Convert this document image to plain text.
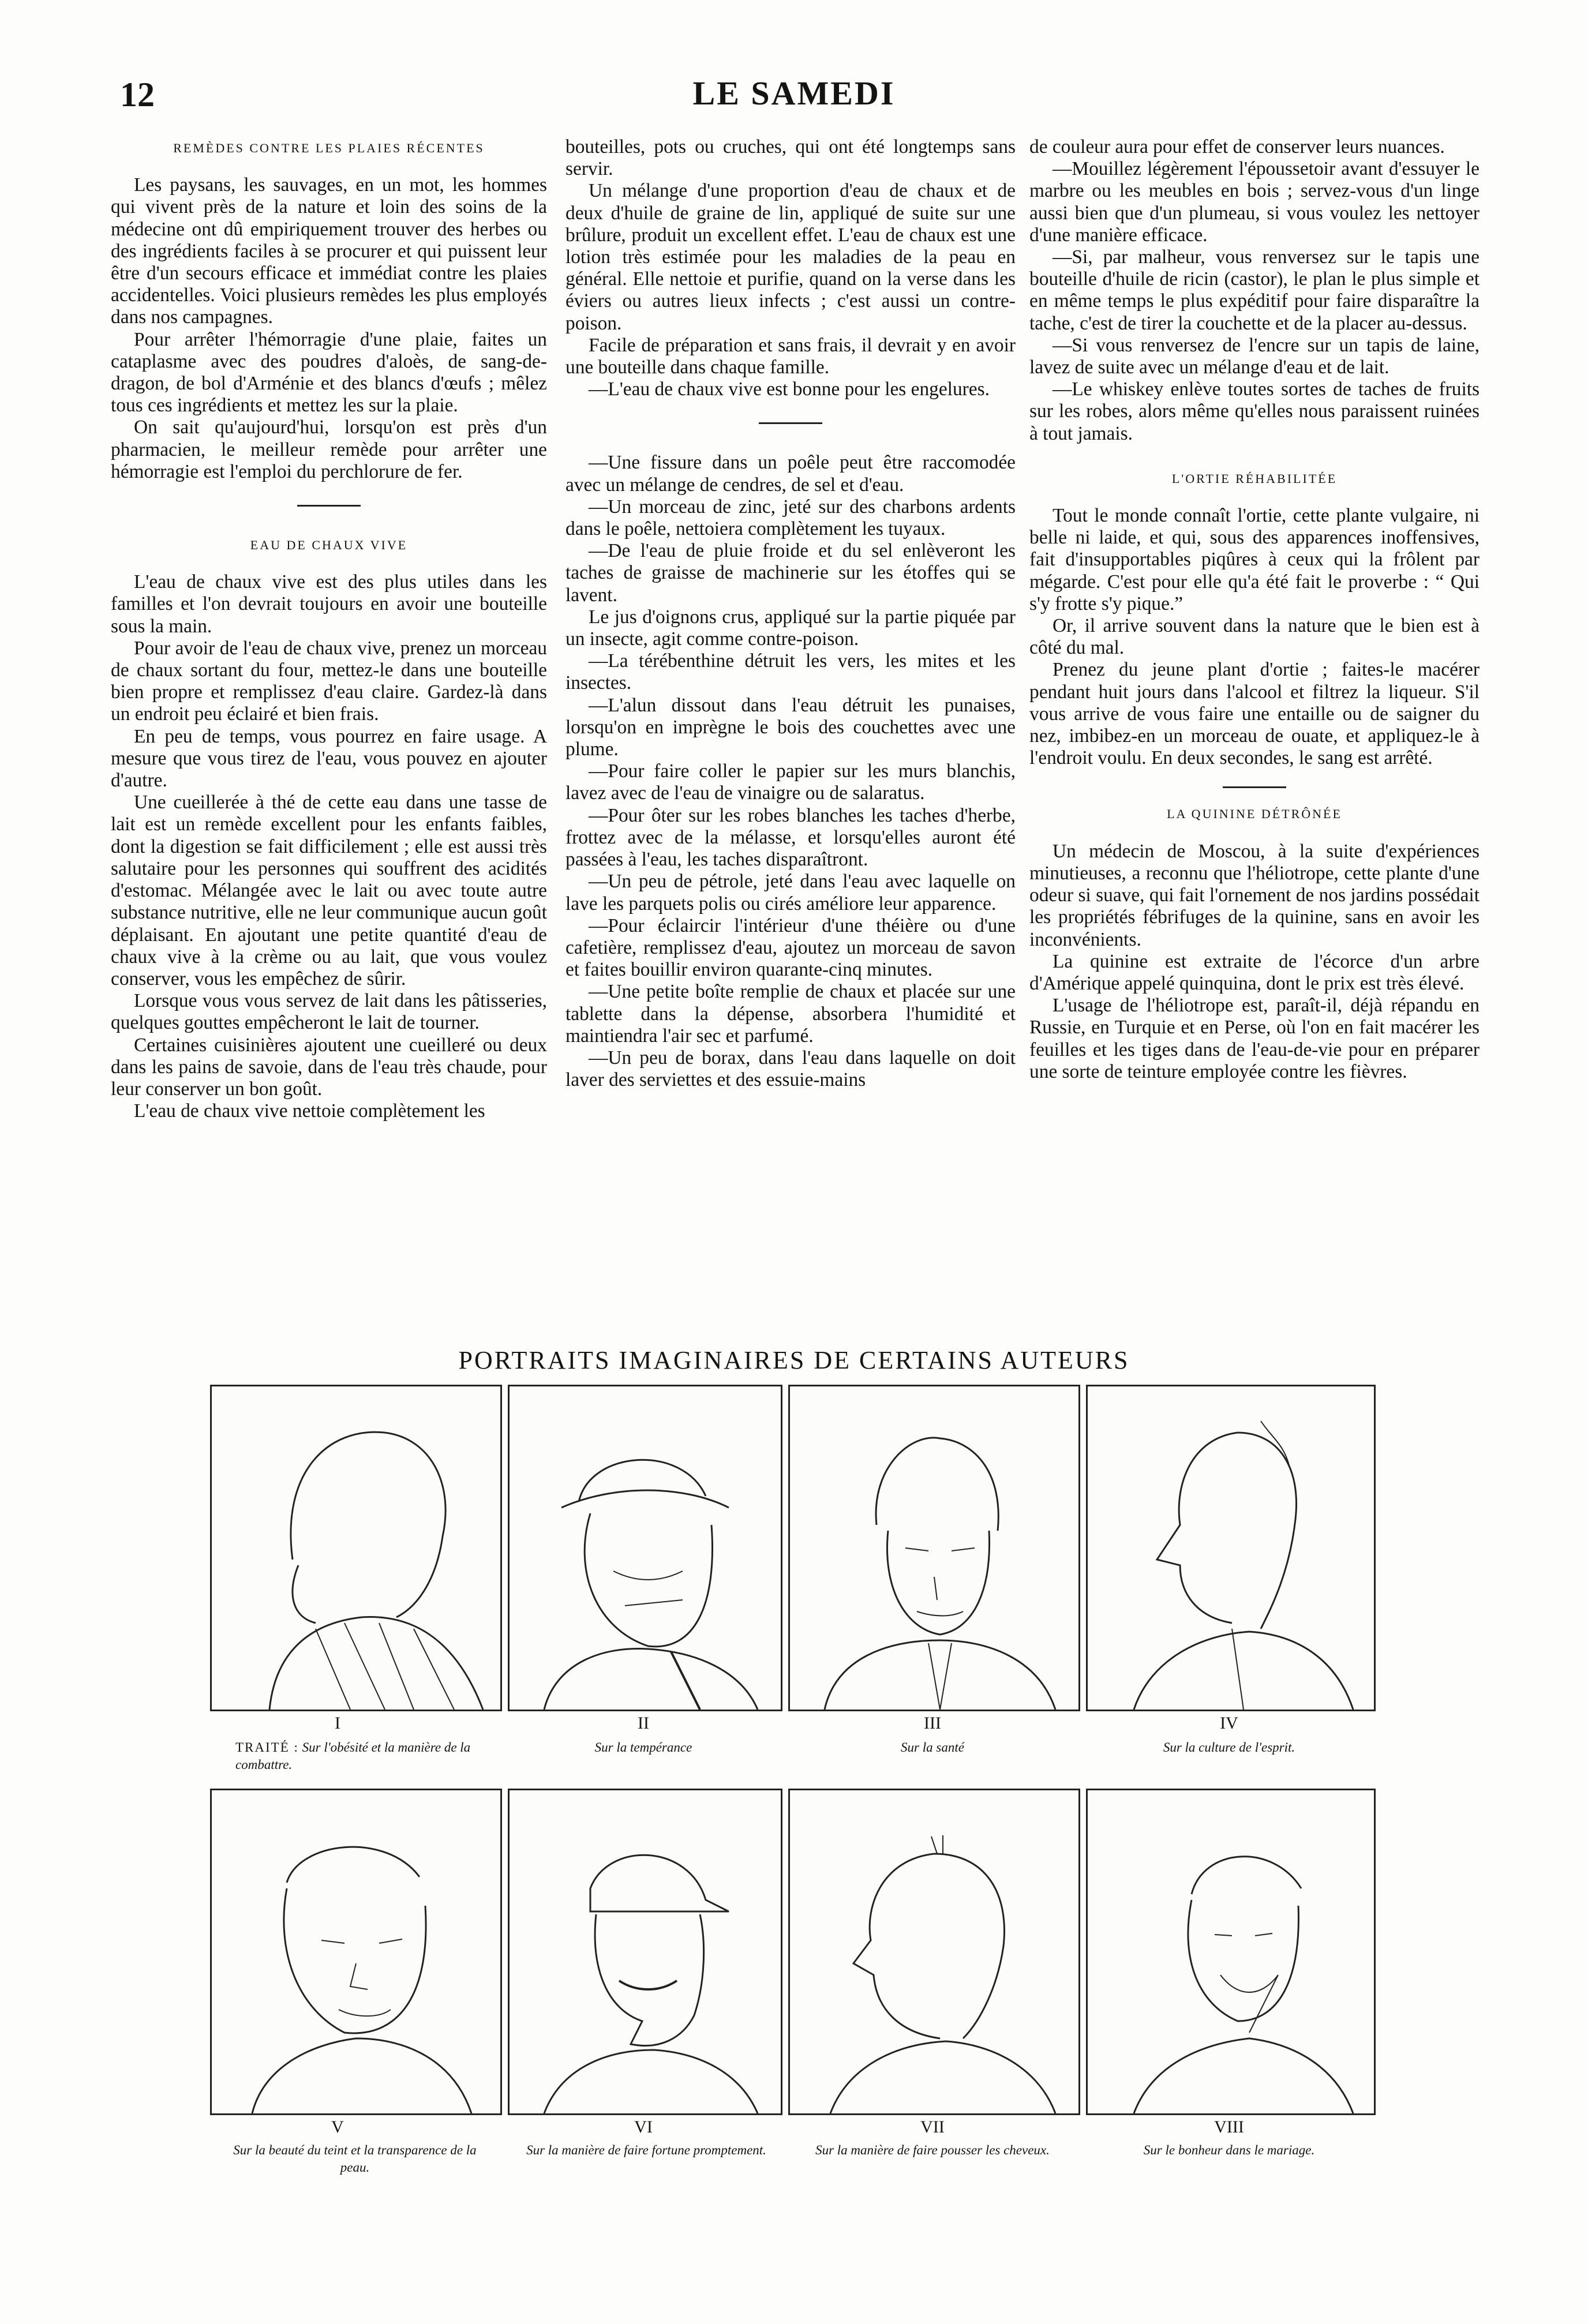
12	LE SAMEDI
REMÈDES CONTRE LES PLAIES RÉCENTES

Les paysans, les sauvages, en un mot, les hommes qui vivent près de la nature et loin des soins de la médecine ont dû empiriquement trouver des herbes ou des ingrédients faciles à se procurer et qui puissent leur être d'un secours efficace et immédiat contre les plaies accidentelles. Voici plusieurs remèdes les plus employés dans nos campagnes.

Pour arrêter l'hémorragie d'une plaie, faites un cataplasme avec des poudres d'aloès, de sang-de-dragon, de bol d'Arménie et des blancs d'œufs ; mêlez tous ces ingrédients et mettez les sur la plaie.

On sait qu'aujourd'hui, lorsqu'on est près d'un pharmacien, le meilleur remède pour arrêter une hémorragie est l'emploi du perchlorure de fer.

EAU DE CHAUX VIVE

L'eau de chaux vive est des plus utiles dans les familles et l'on devrait toujours en avoir une bouteille sous la main.

Pour avoir de l'eau de chaux vive, prenez un morceau de chaux sortant du four, mettez-le dans une bouteille bien propre et remplissez d'eau claire. Gardez-là dans un endroit peu éclairé et bien frais.

En peu de temps, vous pourrez en faire usage. A mesure que vous tirez de l'eau, vous pouvez en ajouter d'autre.

Une cueillerée à thé de cette eau dans une tasse de lait est un remède excellent pour les enfants faibles, dont la digestion se fait difficilement ; elle est aussi très salutaire pour les personnes qui souffrent des acidités d'estomac. Mélangée avec le lait ou avec toute autre substance nutritive, elle ne leur communique aucun goût déplaisant. En ajoutant une petite quantité d'eau de chaux vive à la crème ou au lait, que vous voulez conserver, vous les empêchez de sûrir.

Lorsque vous vous servez de lait dans les pâtisseries, quelques gouttes empêcheront le lait de tourner.

Certaines cuisinières ajoutent une cueilleré ou deux dans les pains de savoie, dans de l'eau très chaude, pour leur conserver un bon goût.

L'eau de chaux vive nettoie complètement les

bouteilles, pots ou cruches, qui ont été longtemps sans servir.

Un mélange d'une proportion d'eau de chaux et de deux d'huile de graine de lin, appliqué de suite sur une brûlure, produit un excellent effet. L'eau de chaux est une lotion très estimée pour les maladies de la peau en général. Elle nettoie et purifie, quand on la verse dans les éviers ou autres lieux infects ; c'est aussi un contre-poison.

Facile de préparation et sans frais, il devrait y en avoir une bouteille dans chaque famille.

—L'eau de chaux vive est bonne pour les engelures.

—Une fissure dans un poêle peut être raccomodée avec un mélange de cendres, de sel et d'eau.

—Un morceau de zinc, jeté sur des charbons ardents dans le poêle, nettoiera complètement les tuyaux.

—De l'eau de pluie froide et du sel enlèveront les taches de graisse de machinerie sur les étoffes qui se lavent.

Le jus d'oignons crus, appliqué sur la partie piquée par un insecte, agit comme contre-poison.

—La térébenthine détruit les vers, les mites et les insectes.

—L'alun dissout dans l'eau détruit les punaises, lorsqu'on en imprègne le bois des couchettes avec une plume.

—Pour faire coller le papier sur les murs blanchis, lavez avec de l'eau de vinaigre ou de salaratus.

—Pour ôter sur les robes blanches les taches d'herbe, frottez avec de la mélasse, et lorsqu'elles auront été passées à l'eau, les taches disparaîtront.

—Un peu de pétrole, jeté dans l'eau avec laquelle on lave les parquets polis ou cirés améliore leur apparence.

—Pour éclaircir l'intérieur d'une théière ou d'une cafetière, remplissez d'eau, ajoutez un morceau de savon et faites bouillir environ quarante-cinq minutes.

—Une petite boîte remplie de chaux et placée sur une tablette dans la dépense, absorbera l'humidité et maintiendra l'air sec et parfumé.

—Un peu de borax, dans l'eau dans laquelle on doit laver des serviettes et des essuie-mains

de couleur aura pour effet de conserver leurs nuances.

—Mouillez légèrement l'époussetoir avant d'essuyer le marbre ou les meubles en bois ; servez-vous d'un linge aussi bien que d'un plumeau, si vous voulez les nettoyer d'une manière efficace.

—Si, par malheur, vous renversez sur le tapis une bouteille d'huile de ricin (castor), le plan le plus simple et en même temps le plus expéditif pour faire disparaître la tache, c'est de tirer la couchette et de la placer au-dessus.

—Si vous renversez de l'encre sur un tapis de laine, lavez de suite avec un mélange d'eau et de lait.

—Le whiskey enlève toutes sortes de taches de fruits sur les robes, alors même qu'elles nous paraissent ruinées à tout jamais.

L'ORTIE RÉHABILITÉE

Tout le monde connaît l'ortie, cette plante vulgaire, ni belle ni laide, et qui, sous des apparences inoffensives, fait d'insupportables piqûres à ceux qui la frôlent par mégarde. C'est pour elle qu'a été fait le proverbe : “ Qui s'y frotte s'y pique.”

Or, il arrive souvent dans la nature que le bien est à côté du mal.

Prenez du jeune plant d'ortie ; faites-le macérer pendant huit jours dans l'alcool et filtrez la liqueur. S'il vous arrive de vous faire une entaille ou de saigner du nez, imbibez-en un morceau de ouate, et appliquez-le à l'endroit voulu. En deux secondes, le sang est arrêté.

LA QUININE DÉTRÔNÉE

Un médecin de Moscou, à la suite d'expériences minutieuses, a reconnu que l'héliotrope, cette plante d'une odeur si suave, qui fait l'ornement de nos jardins possédait les propriétés fébrifuges de la quinine, sans en avoir les inconvénients.

La quinine est extraite de l'écorce d'un arbre d'Amérique appelé quinquina, dont le prix est très élevé.

L'usage de l'héliotrope est, paraît-il, déjà répandu en Russie, en Turquie et en Perse, où l'on en fait macérer les feuilles et les tiges dans de l'eau-de-vie pour en préparer une sorte de teinture employée contre les fièvres.

PORTRAITS IMAGINAIRES DE CERTAINS AUTEURS
I	II	III	IV
TRAITÉ : Sur l'obésité et la manière de la combattre.
Sur la tempérance	Sur la santé	Sur la culture de l'esprit.
V	VI	VII	VIII
Sur la beauté du teint et la transparence de la peau.
Sur la manière de faire fortune promptement.	Sur la manière de faire pousser les cheveux.	Sur le bonheur dans le mariage.
